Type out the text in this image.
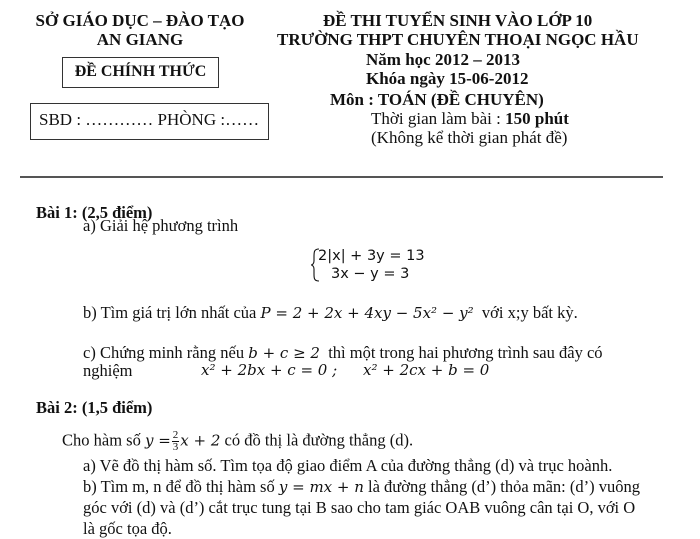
SỞ GIÁO DỤC – ĐÀO TẠO
AN GIANG
ĐỀ CHÍNH THỨC
SBD : ………… PHÒNG :……
ĐỀ THI TUYỂN SINH VÀO LỚP 10
TRƯỜNG THPT CHUYÊN THOẠI NGỌC HẦU
Năm học 2012 – 2013
Khóa ngày 15-06-2012
Môn : TOÁN (ĐỀ CHUYÊN)
Thời gian làm bài : 150 phút
(Không kể thời gian phát đề)
Bài 1: (2,5 điểm)
a) Giải hệ phương trình
2|x| + 3y = 13
3x − y = 3
b) Tìm giá trị lớn nhất của P = 2 + 2x + 4xy − 5x² − y²  với x;y bất kỳ.
c) Chứng minh rằng nếu b + c ≥ 2  thì một trong hai phương trình sau đây có
nghiệm	x² + 2bx + c = 0 ; x² + 2cx + b = 0
Bài 2: (1,5 điểm)
Cho hàm số $y = \frac{2}{3}$ x + 2 có đồ thị là đường thẳng (d).
a) Vẽ đồ thị hàm số. Tìm tọa độ giao điểm A của đường thẳng (d) và trục hoành.
b) Tìm m, n để đồ thị hàm số y = mx + n là đường thẳng (d’) thỏa mãn: (d’) vuông
góc với (d) và (d’) cắt trục tung tại B sao cho tam giác OAB vuông cân tại O, với O
là gốc tọa độ.
